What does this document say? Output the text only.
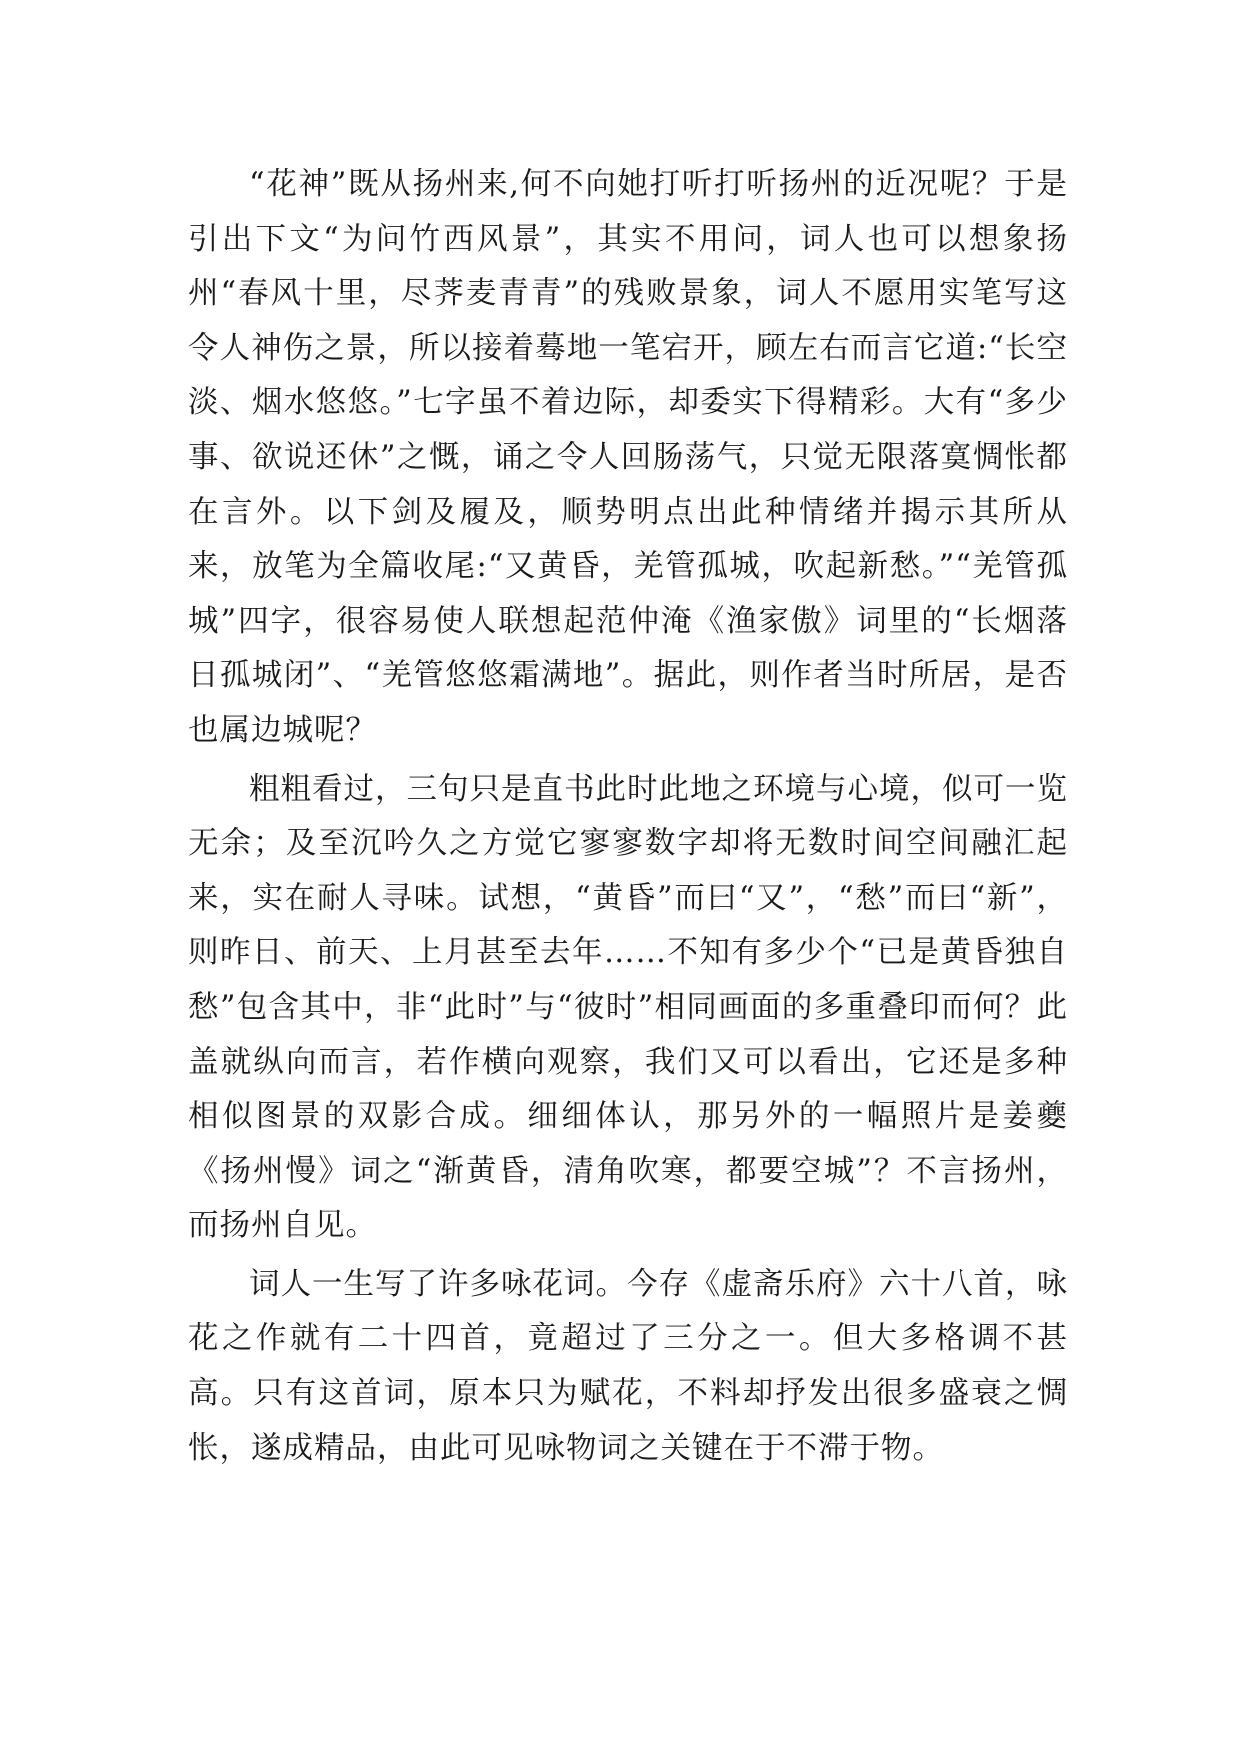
“花神”既从扬州来,何不向她打听打听扬州的近况呢？于是引出下文“为问竹西风景”，其实不用问，词人也可以想象扬州“春风十里，尽荠麦青青”的残败景象，词人不愿用实笔写这令人神伤之景，所以接着蓦地一笔宕开，顾左右而言它道:“长空淡、烟水悠悠。”七字虽不着边际，却委实下得精彩。大有“多少事、欲说还休”之慨，诵之令人回肠荡气，只觉无限落寞惆怅都在言外。以下剑及履及，顺势明点出此种情绪并揭示其所从来，放笔为全篇收尾:“又黄昏，羌管孤城，吹起新愁。”“羌管孤城”四字，很容易使人联想起范仲淹《渔家傲》词里的“长烟落日孤城闭”、“羌管悠悠霜满地”。据此，则作者当时所居，是否也属边城呢？

粗粗看过，三句只是直书此时此地之环境与心境，似可一览无余；及至沉吟久之方觉它寥寥数字却将无数时间空间融汇起来，实在耐人寻味。试想，“黄昏”而曰“又”，“愁”而曰“新”，则昨日、前天、上月甚至去年……不知有多少个“已是黄昏独自愁”包含其中，非“此时”与“彼时”相同画面的多重叠印而何？此盖就纵向而言，若作横向观察，我们又可以看出，它还是多种相似图景的双影合成。细细体认，那另外的一幅照片是姜夔《扬州慢》词之“渐黄昏，清角吹寒，都要空城”？不言扬州，而扬州自见。

词人一生写了许多咏花词。今存《虚斋乐府》六十八首，咏花之作就有二十四首，竟超过了三分之一。但大多格调不甚高。只有这首词，原本只为赋花，不料却抒发出很多盛衰之惆怅，遂成精品，由此可见咏物词之关键在于不滞于物。
